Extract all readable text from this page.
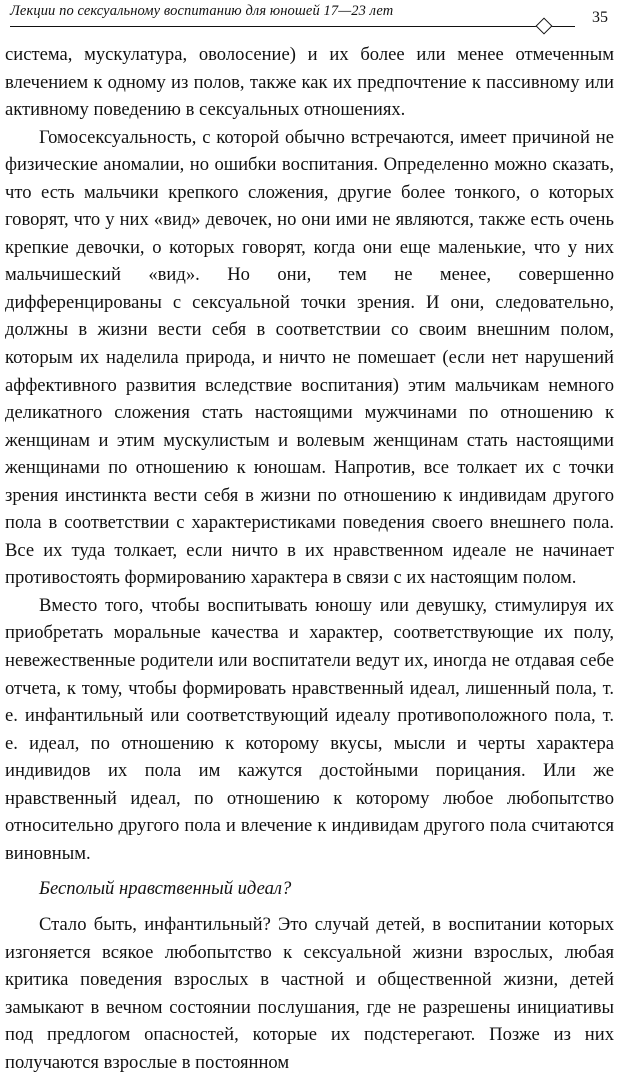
Лекции по сексуальному воспитанию для юношей 17—23 лет	35

система, мускулатура, оволосение) и их более или менее отмеченным влечением к одному из полов, также как их предпочтение к пассивному или активному поведению в сексуальных отношениях.

Гомосексуальность, с которой обычно встречаются, имеет причиной не физические аномалии, но ошибки воспитания. Определенно можно сказать, что есть мальчики крепкого сложения, другие более тонкого, о которых говорят, что у них «вид» девочек, но они ими не являются, также есть очень крепкие девочки, о которых говорят, когда они еще маленькие, что у них мальчишеский «вид». Но они, тем не менее, совершенно дифференцированы с сексуальной точки зрения. И они, следовательно, должны в жизни вести себя в соответствии со своим внешним полом, которым их наделила природа, и ничто не помешает (если нет нарушений аффективного развития вследствие воспитания) этим мальчикам немного деликатного сложения стать настоящими мужчинами по отношению к женщинам и этим мускулистым и волевым женщинам стать настоящими женщинами по отношению к юношам. Напротив, все толкает их с точки зрения инстинкта вести себя в жизни по отношению к индивидам другого пола в соответствии с характеристиками поведения своего внешнего пола. Все их туда толкает, если ничто в их нравственном идеале не начинает противостоять формированию характера в связи с их настоящим полом.

Вместо того, чтобы воспитывать юношу или девушку, стимулируя их приобретать моральные качества и характер, соответствующие их полу, невежественные родители или воспитатели ведут их, иногда не отдавая себе отчета, к тому, чтобы формировать нравственный идеал, лишенный пола, т. е. инфантильный или соответствующий идеалу противоположного пола, т. е. идеал, по отношению к которому вкусы, мысли и черты характера индивидов их пола им кажутся достойными порицания. Или же нравственный идеал, по отношению к которому любое любопытство относительно другого пола и влечение к индивидам другого пола считаются виновным.

Бесполый нравственный идеал?

Стало быть, инфантильный? Это случай детей, в воспитании которых изгоняется всякое любопытство к сексуальной жизни взрослых, любая критика поведения взрослых в частной и общественной жизни, детей замыкают в вечном состоянии послушания, где не разрешены инициативы под предлогом опасностей, которые их подстерегают. Позже из них получаются взрослые в постоянном
